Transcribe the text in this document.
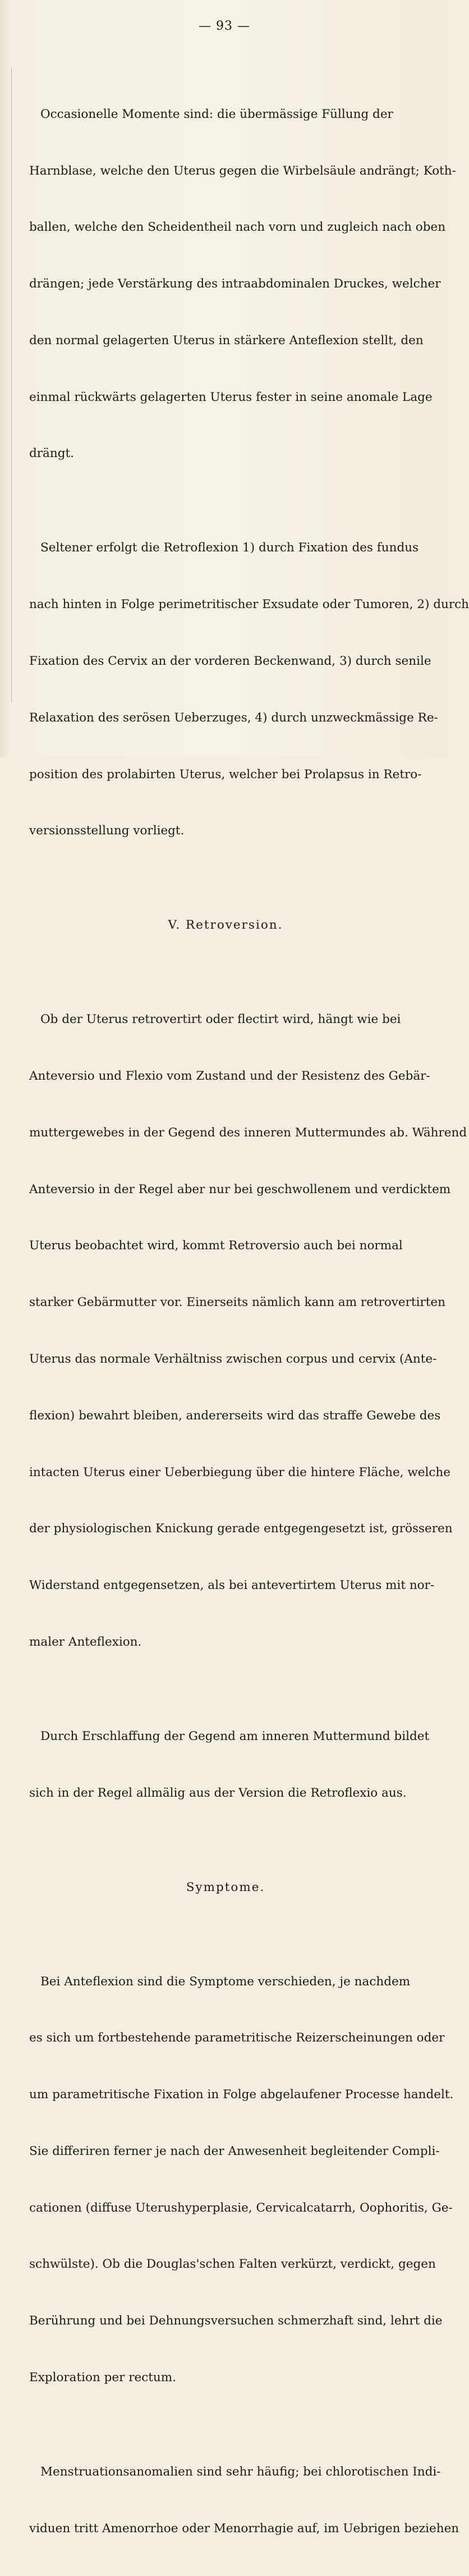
— 93 —

Occasionelle Momente sind: die übermässige Füllung der

Harnblase, welche den Uterus gegen die Wirbelsäule andrängt; Koth-

ballen, welche den Scheidentheil nach vorn und zugleich nach oben

drängen; jede Verstärkung des intraabdominalen Druckes, welcher

den normal gelagerten Uterus in stärkere Anteflexion stellt, den

einmal rückwärts gelagerten Uterus fester in seine anomale Lage

drängt.

Seltener erfolgt die Retroflexion 1) durch Fixation des fundus

nach hinten in Folge perimetritischer Exsudate oder Tumoren, 2) durch

Fixation des Cervix an der vorderen Beckenwand, 3) durch senile

Relaxation des serösen Ueberzuges, 4) durch unzweckmässige Re-

position des prolabirten Uterus, welcher bei Prolapsus in Retro-

versionsstellung vorliegt.

V. Retroversion.

Ob der Uterus retrovertirt oder flectirt wird, hängt wie bei

Anteversio und Flexio vom Zustand und der Resistenz des Gebär-

muttergewebes in der Gegend des inneren Muttermundes ab. Während

Anteversio in der Regel aber nur bei geschwollenem und verdicktem

Uterus beobachtet wird, kommt Retroversio auch bei normal

starker Gebärmutter vor. Einerseits nämlich kann am retrovertirten

Uterus das normale Verhältniss zwischen corpus und cervix (Ante-

flexion) bewahrt bleiben, andererseits wird das straffe Gewebe des

intacten Uterus einer Ueberbiegung über die hintere Fläche, welche

der physiologischen Knickung gerade entgegengesetzt ist, grösseren

Widerstand entgegensetzen, als bei antevertirtem Uterus mit nor-

maler Anteflexion.

Durch Erschlaffung der Gegend am inneren Muttermund bildet

sich in der Regel allmälig aus der Version die Retroflexio aus.

Symptome.

Bei Anteflexion sind die Symptome verschieden, je nachdem

es sich um fortbestehende parametritische Reizerscheinungen oder

um parametritische Fixation in Folge abgelaufener Processe handelt.

Sie differiren ferner je nach der Anwesenheit begleitender Compli-

cationen (diffuse Uterushyperplasie, Cervicalcatarrh, Oophoritis, Ge-

schwülste). Ob die Douglas'schen Falten verkürzt, verdickt, gegen

Berührung und bei Dehnungsversuchen schmerzhaft sind, lehrt die

Exploration per rectum.

Menstruationsanomalien sind sehr häufig; bei chlorotischen Indi-

viduen tritt Amenorrhoe oder Menorrhagie auf, im Uebrigen beziehen
